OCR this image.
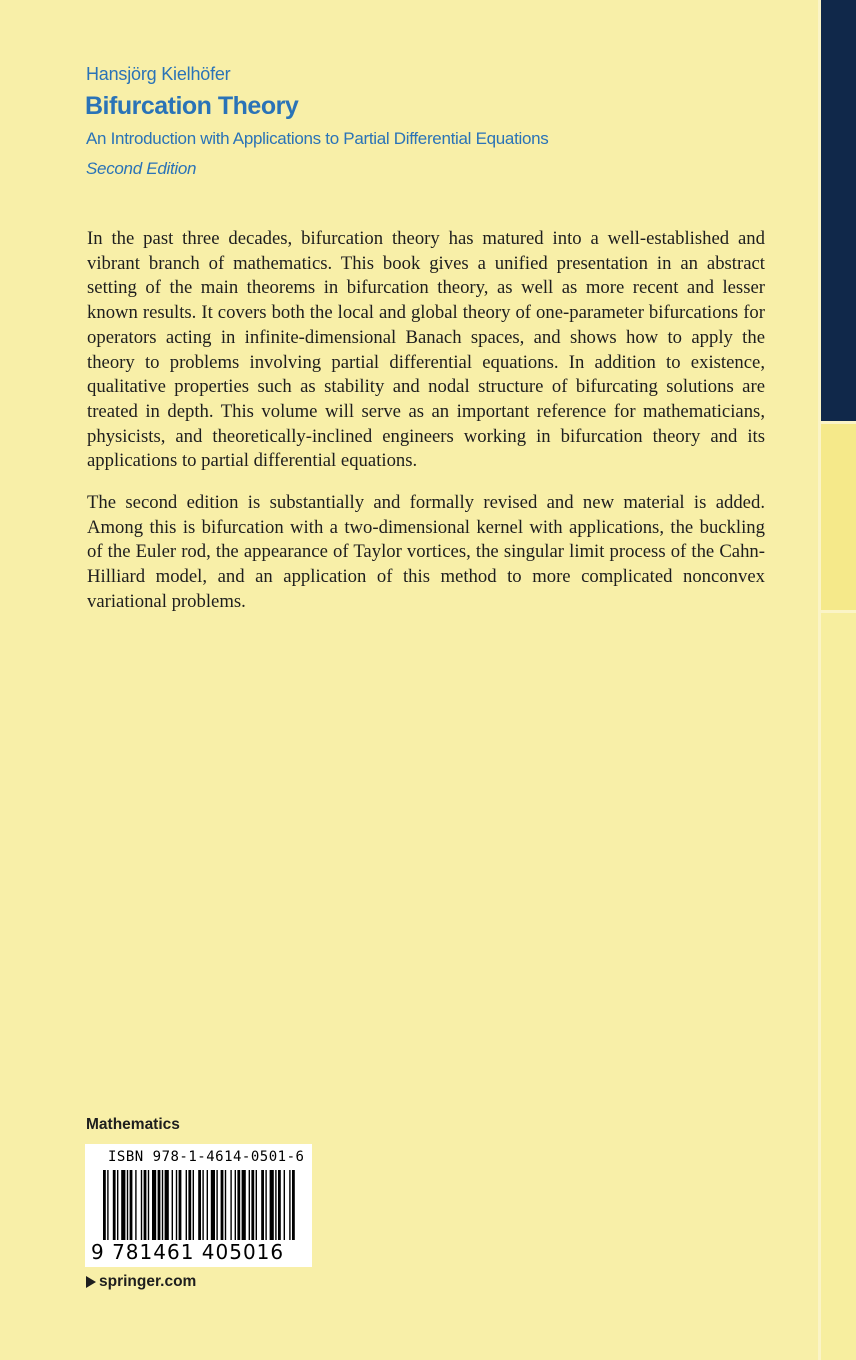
Hansjörg Kielhöfer
Bifurcation Theory
An Introduction with Applications to Partial Differential Equations
Second Edition

In the past three decades, bifurcation theory has matured into a well-established and vibrant branch of mathematics. This book gives a unified presentation in an abstract setting of the main theorems in bifurcation theory, as well as more recent and lesser known results. It covers both the local and global theory of one-parameter bifurcations for operators acting in infinite-dimensional Banach spaces, and shows how to apply the theory to problems involving partial differential equations. In addition to existence, qualitative properties such as stability and nodal structure of bifurcating solutions are treated in depth. This volume will serve as an important reference for mathematicians, physicists, and theoretically-inclined engineers working in bifurcation theory and its applications to partial differential equations.

The second edition is substantially and formally revised and new material is added. Among this is bifurcation with a two-dimensional kernel with applications, the buckling of the Euler rod, the appearance of Taylor vortices, the singular limit process of the Cahn-Hilliard model, and an application of this method to more complicated nonconvex variational problems.

Mathematics
ISBN 978-1-4614-0501-6
9 781461 405016
springer.com
